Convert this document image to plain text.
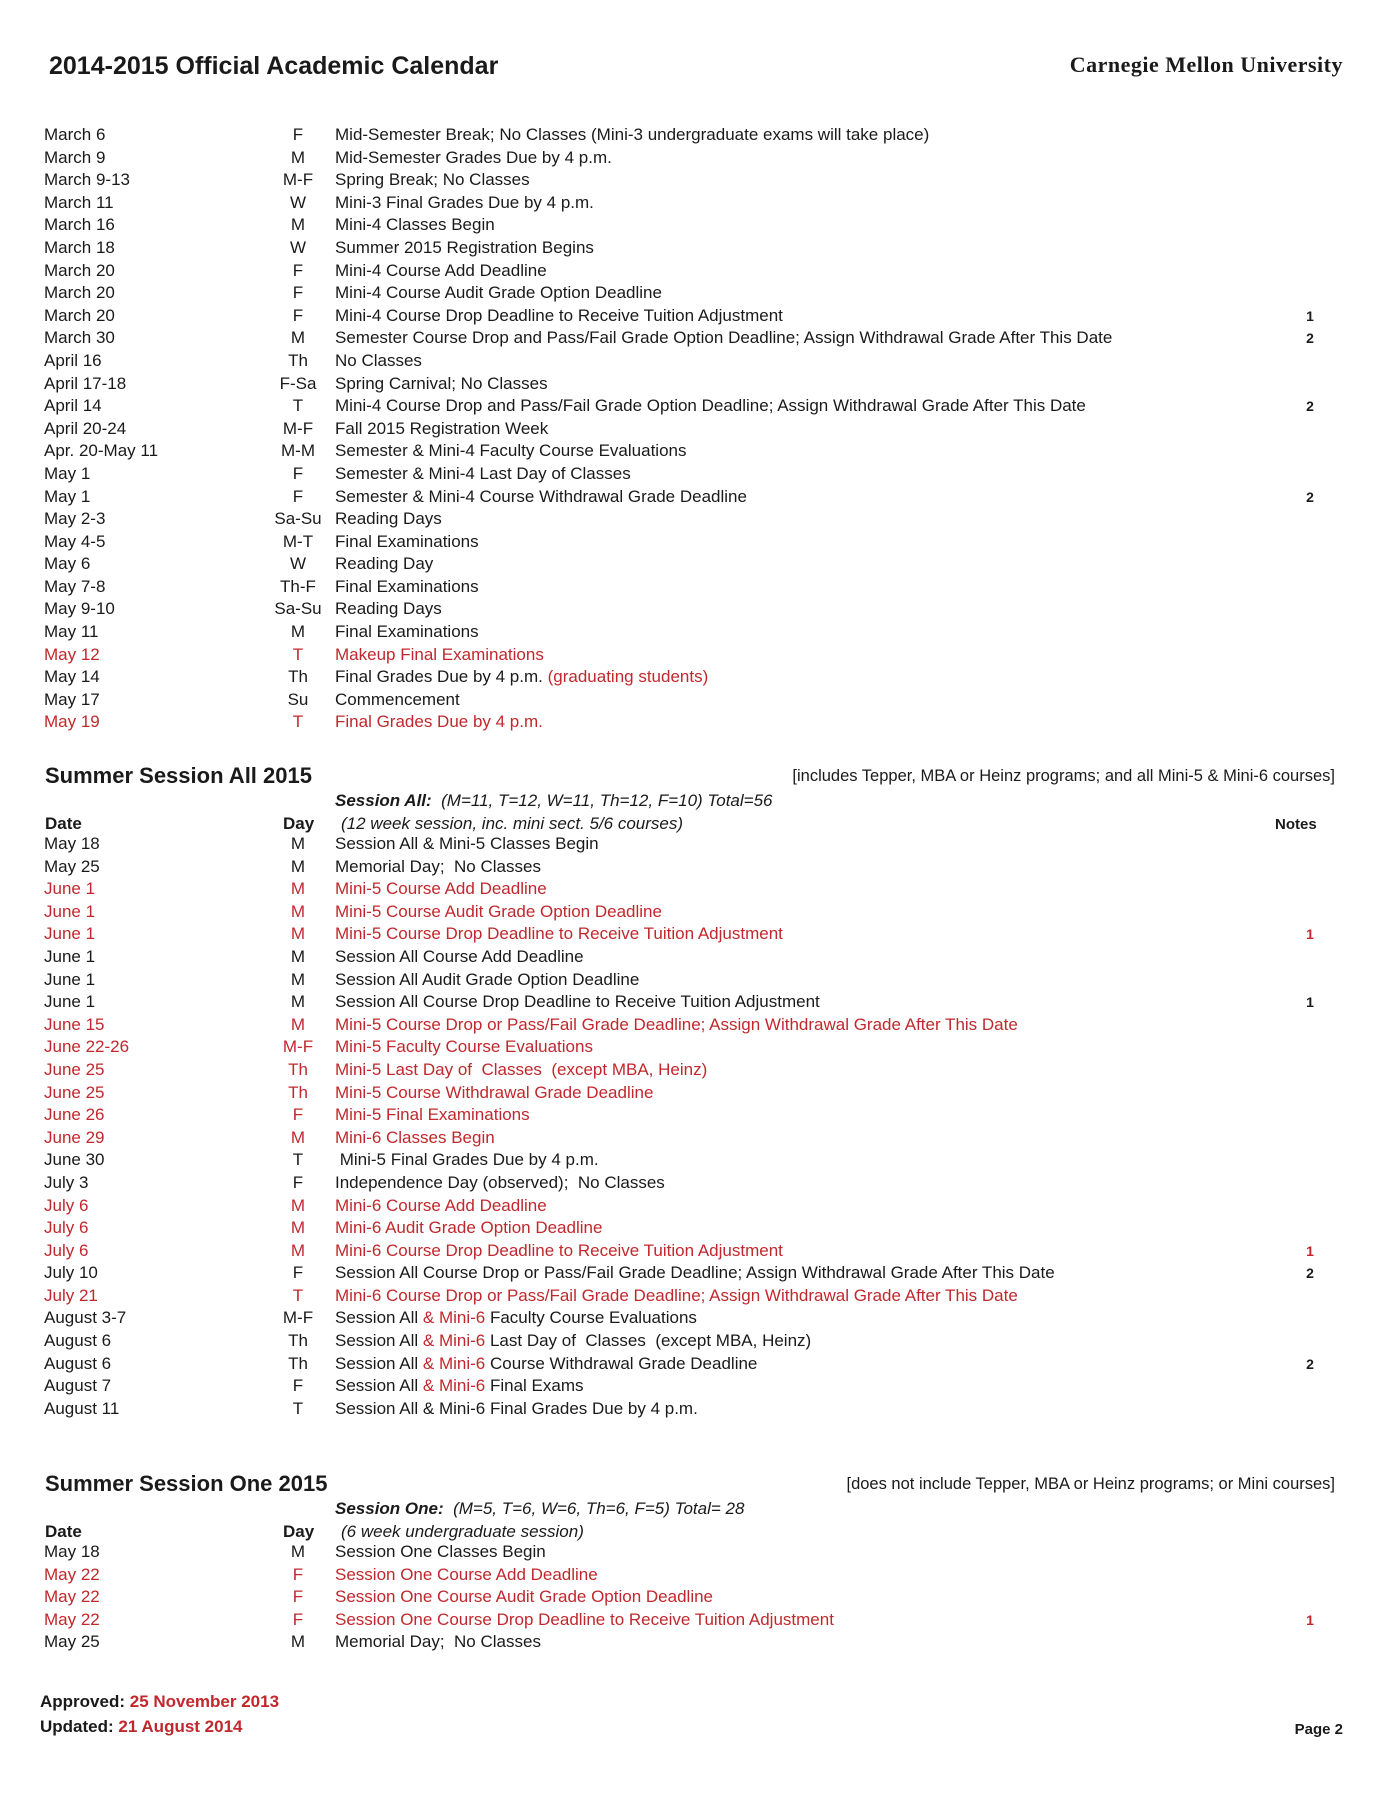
2014-2015 Official Academic Calendar	Carnegie Mellon University
March 6	F	Mid-Semester Break; No Classes (Mini-3 undergraduate exams will take place)
March 9	M	Mid-Semester Grades Due by 4 p.m.
March 9-13	M-F	Spring Break; No Classes
March 11	W	Mini-3 Final Grades Due by 4 p.m.
March 16	M	Mini-4 Classes Begin
March 18	W	Summer 2015 Registration Begins
March 20	F	Mini-4 Course Add Deadline
March 20	F	Mini-4 Course Audit Grade Option Deadline
March 20	F	Mini-4 Course Drop Deadline to Receive Tuition Adjustment	1
March 30	M	Semester Course Drop and Pass/Fail Grade Option Deadline; Assign Withdrawal Grade After This Date	2
April 16	Th	No Classes
April 17-18	F-Sa	Spring Carnival; No Classes
April 14	T	Mini-4 Course Drop and Pass/Fail Grade Option Deadline; Assign Withdrawal Grade After This Date	2
April 20-24	M-F	Fall 2015 Registration Week
Apr. 20-May 11	M-M	Semester & Mini-4 Faculty Course Evaluations
May 1	F	Semester & Mini-4 Last Day of Classes
May 1	F	Semester & Mini-4 Course Withdrawal Grade Deadline	2
May 2-3	Sa-Su Reading Days
May 4-5	M-T	Final Examinations
May 6	W	Reading Day
May 7-8	Th-F	Final Examinations
May 9-10	Sa-Su Reading Days
May 11	M	Final Examinations
May 12	T	Makeup Final Examinations
May 14	Th	Final Grades Due by 4 p.m. (graduating students)
May 17	Su	Commencement
May 19	T	Final Grades Due by 4 p.m.
Summer Session All 2015	[includes Tepper, MBA or Heinz programs; and all Mini-5 & Mini-6 courses]
Session All: (M=11, T=12, W=11, Th=12, F=10) Total=56
Date	Day (12 week session, inc. mini sect. 5/6 courses)	Notes
May 18	M	Session All & Mini-5 Classes Begin
May 25	M	Memorial Day;  No Classes
June 1	M	Mini-5 Course Add Deadline
June 1	M	Mini-5 Course Audit Grade Option Deadline
June 1	M	Mini-5 Course Drop Deadline to Receive Tuition Adjustment	1
June 1	M	Session All Course Add Deadline
June 1	M	Session All Audit Grade Option Deadline
June 1	M	Session All Course Drop Deadline to Receive Tuition Adjustment	1
June 15	M	Mini-5 Course Drop or Pass/Fail Grade Deadline; Assign Withdrawal Grade After This Date
June 22-26	M-F	Mini-5 Faculty Course Evaluations
June 25	Th	Mini-5 Last Day of  Classes  (except MBA, Heinz)
June 25	Th	Mini-5 Course Withdrawal Grade Deadline
June 26	F	Mini-5 Final Examinations
June 29	M	Mini-6 Classes Begin
June 30	T	Mini-5 Final Grades Due by 4 p.m.
July 3	F	Independence Day (observed);  No Classes
July 6	M	Mini-6 Course Add Deadline
July 6	M	Mini-6 Audit Grade Option Deadline
July 6	M	Mini-6 Course Drop Deadline to Receive Tuition Adjustment	1
July 10	F	Session All Course Drop or Pass/Fail Grade Deadline; Assign Withdrawal Grade After This Date	2
July 21	T	Mini-6 Course Drop or Pass/Fail Grade Deadline; Assign Withdrawal Grade After This Date
August 3-7	M-F	Session All & Mini-6 Faculty Course Evaluations
August 6	Th	Session All & Mini-6 Last Day of  Classes  (except MBA, Heinz)
August 6	Th	Session All & Mini-6 Course Withdrawal Grade Deadline	2
August 7	F	Session All & Mini-6 Final Exams
August 11	T	Session All & Mini-6 Final Grades Due by 4 p.m.
Summer Session One 2015	[does not include Tepper, MBA or Heinz programs; or Mini courses]
Session One: (M=5, T=6, W=6, Th=6, F=5) Total= 28
Date	Day (6 week undergraduate session)
May 18	M	Session One Classes Begin
May 22	F	Session One Course Add Deadline
May 22	F	Session One Course Audit Grade Option Deadline
May 22	F	Session One Course Drop Deadline to Receive Tuition Adjustment	1
May 25	M	Memorial Day;  No Classes
Approved: 25 November 2013
Updated: 21 August 2014	Page 2
